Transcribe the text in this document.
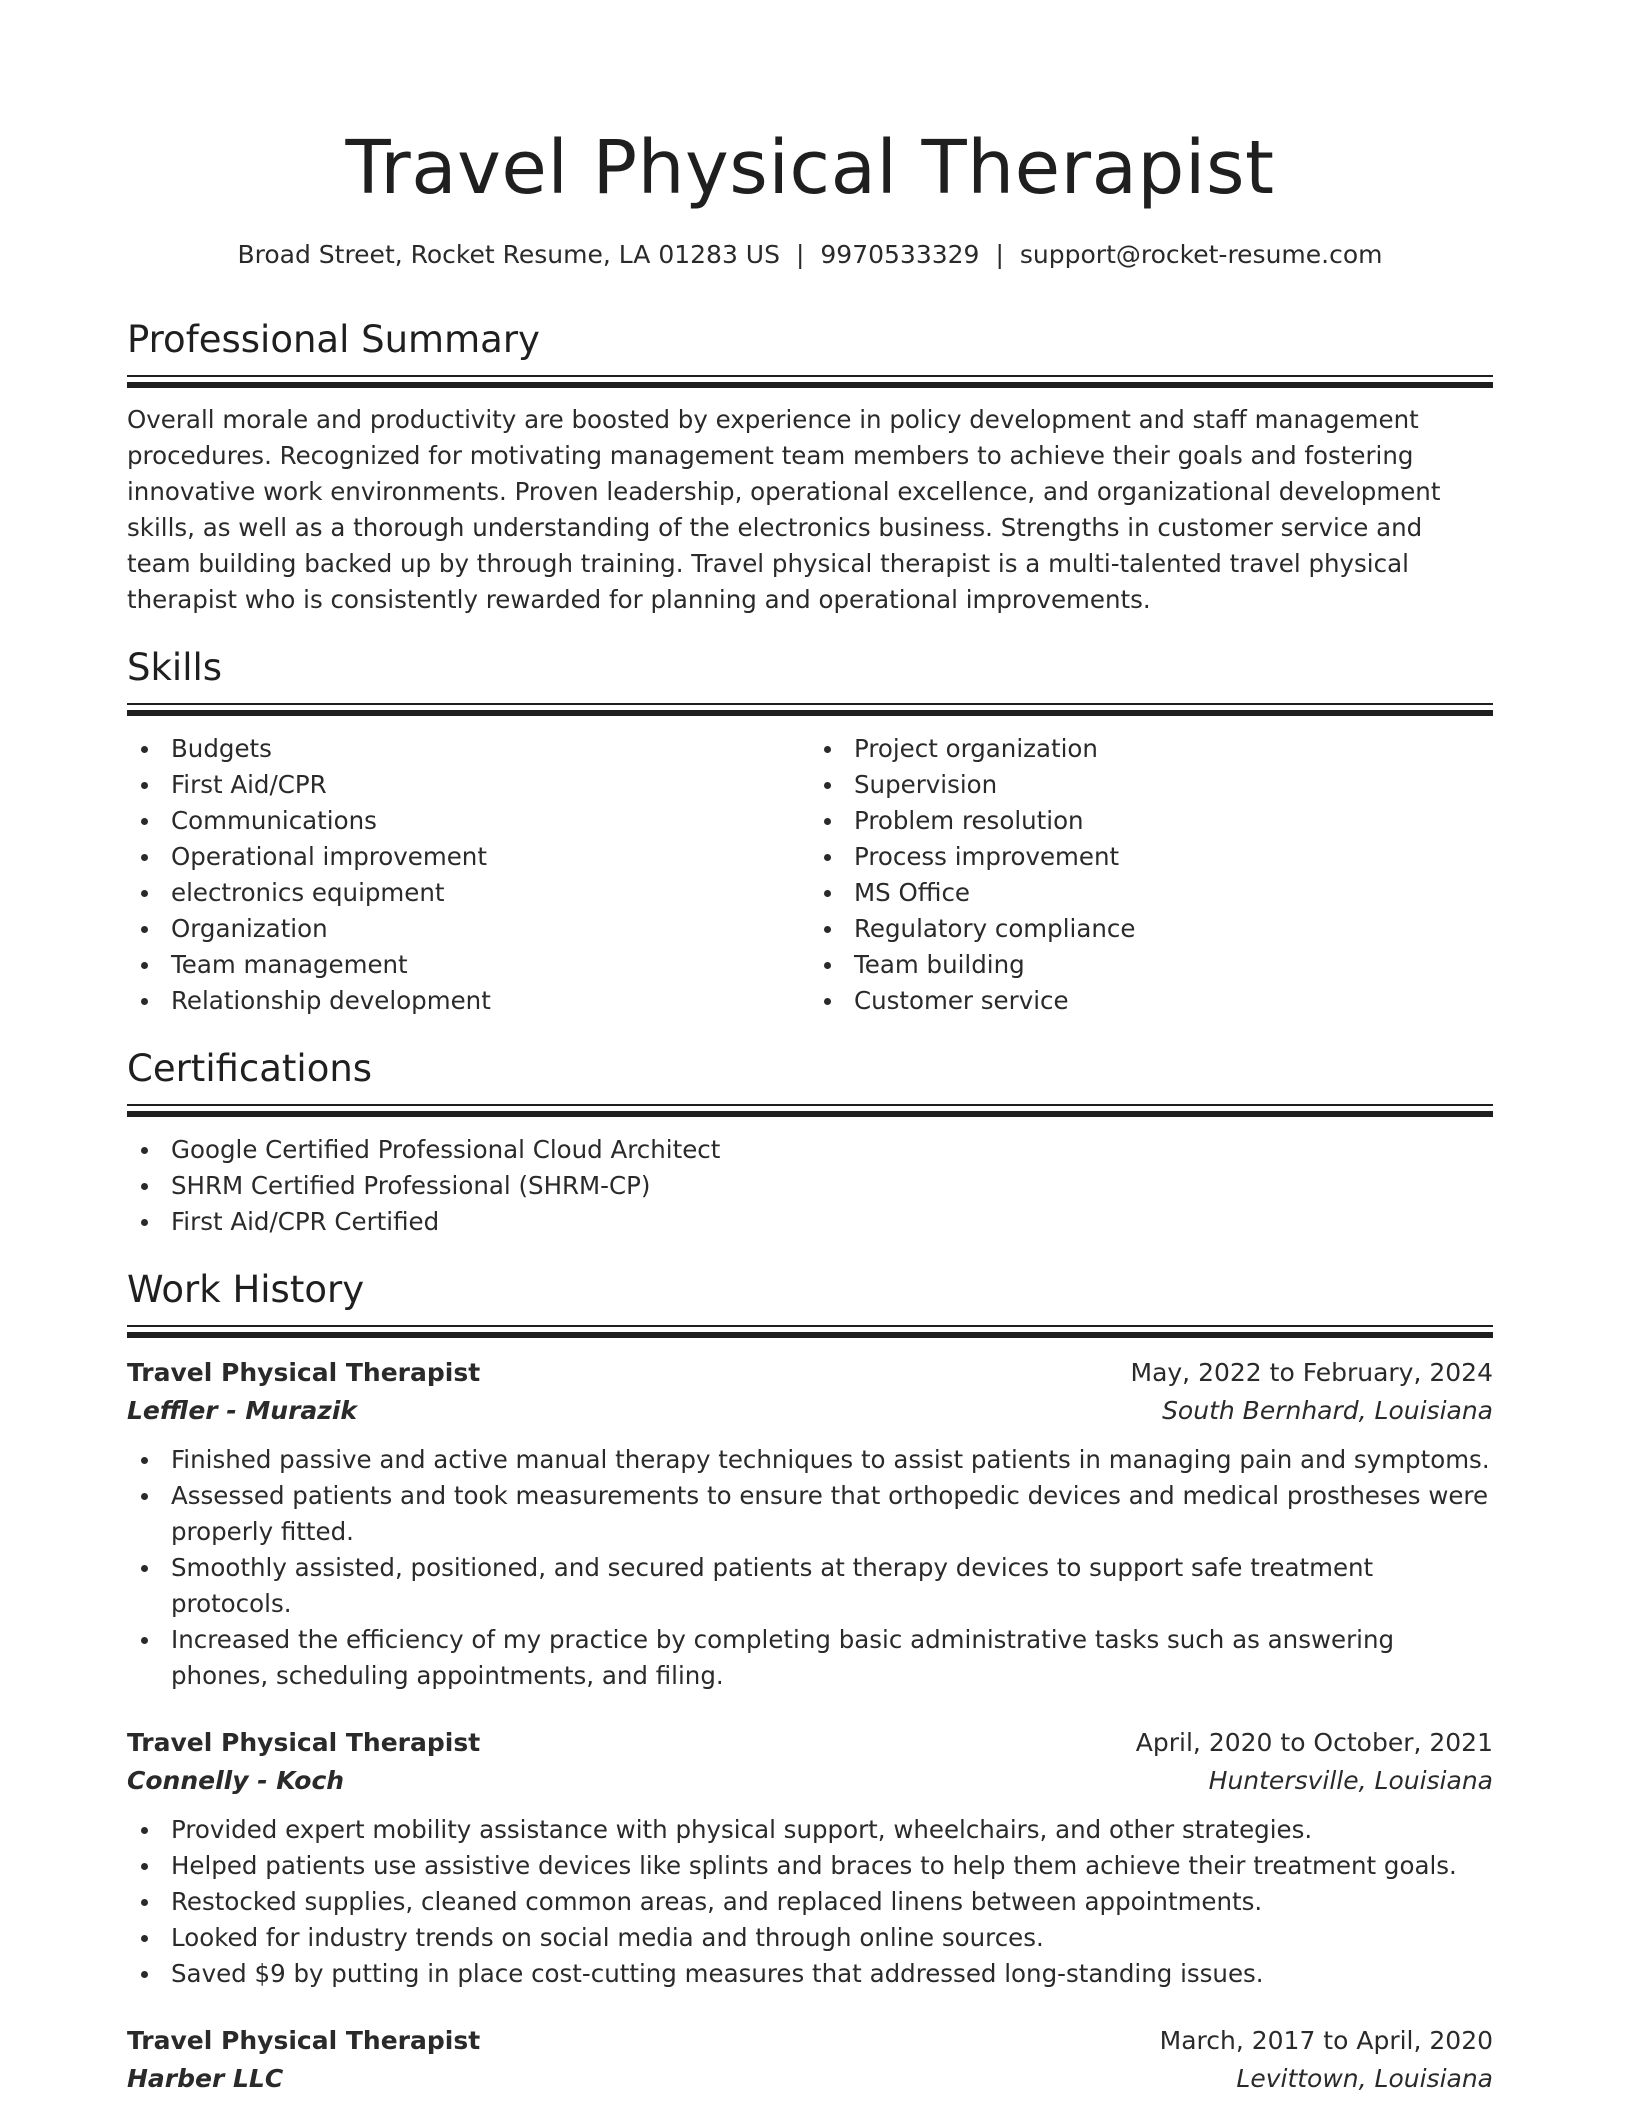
Travel Physical Therapist
Broad Street, Rocket Resume, LA 01283 US | 9970533329 | support@rocket-resume.com
Professional Summary

Overall morale and productivity are boosted by experience in policy development and staff management procedures. Recognized for motivating management team members to achieve their goals and fostering innovative work environments. Proven leadership, operational excellence, and organizational development skills, as well as a thorough understanding of the electronics business. Strengths in customer service and team building backed up by through training. Travel physical therapist is a multi-talented travel physical therapist who is consistently rewarded for planning and operational improvements.

Skills
Budgets
First Aid/CPR
Communications
Operational improvement
electronics equipment
Organization
Team management
Relationship development
Project organization
Supervision
Problem resolution
Process improvement
MS Office
Regulatory compliance
Team building
Customer service
Certifications
Google Certified Professional Cloud Architect
SHRM Certified Professional (SHRM-CP)
First Aid/CPR Certified
Work History
Travel Physical Therapist	May, 2022 to February, 2024
Leffler - Murazik	South Bernhard, Louisiana
Finished passive and active manual therapy techniques to assist patients in managing pain and symptoms.
Assessed patients and took measurements to ensure that orthopedic devices and medical prostheses were properly fitted.
Smoothly assisted, positioned, and secured patients at therapy devices to support safe treatment protocols.
Increased the efficiency of my practice by completing basic administrative tasks such as answering phones, scheduling appointments, and filing.
Travel Physical Therapist	April, 2020 to October, 2021
Connelly - Koch	Huntersville, Louisiana
Provided expert mobility assistance with physical support, wheelchairs, and other strategies.
Helped patients use assistive devices like splints and braces to help them achieve their treatment goals.
Restocked supplies, cleaned common areas, and replaced linens between appointments.
Looked for industry trends on social media and through online sources.
Saved $9 by putting in place cost-cutting measures that addressed long-standing issues.
Travel Physical Therapist	March, 2017 to April, 2020
Harber LLC	Levittown, Louisiana
